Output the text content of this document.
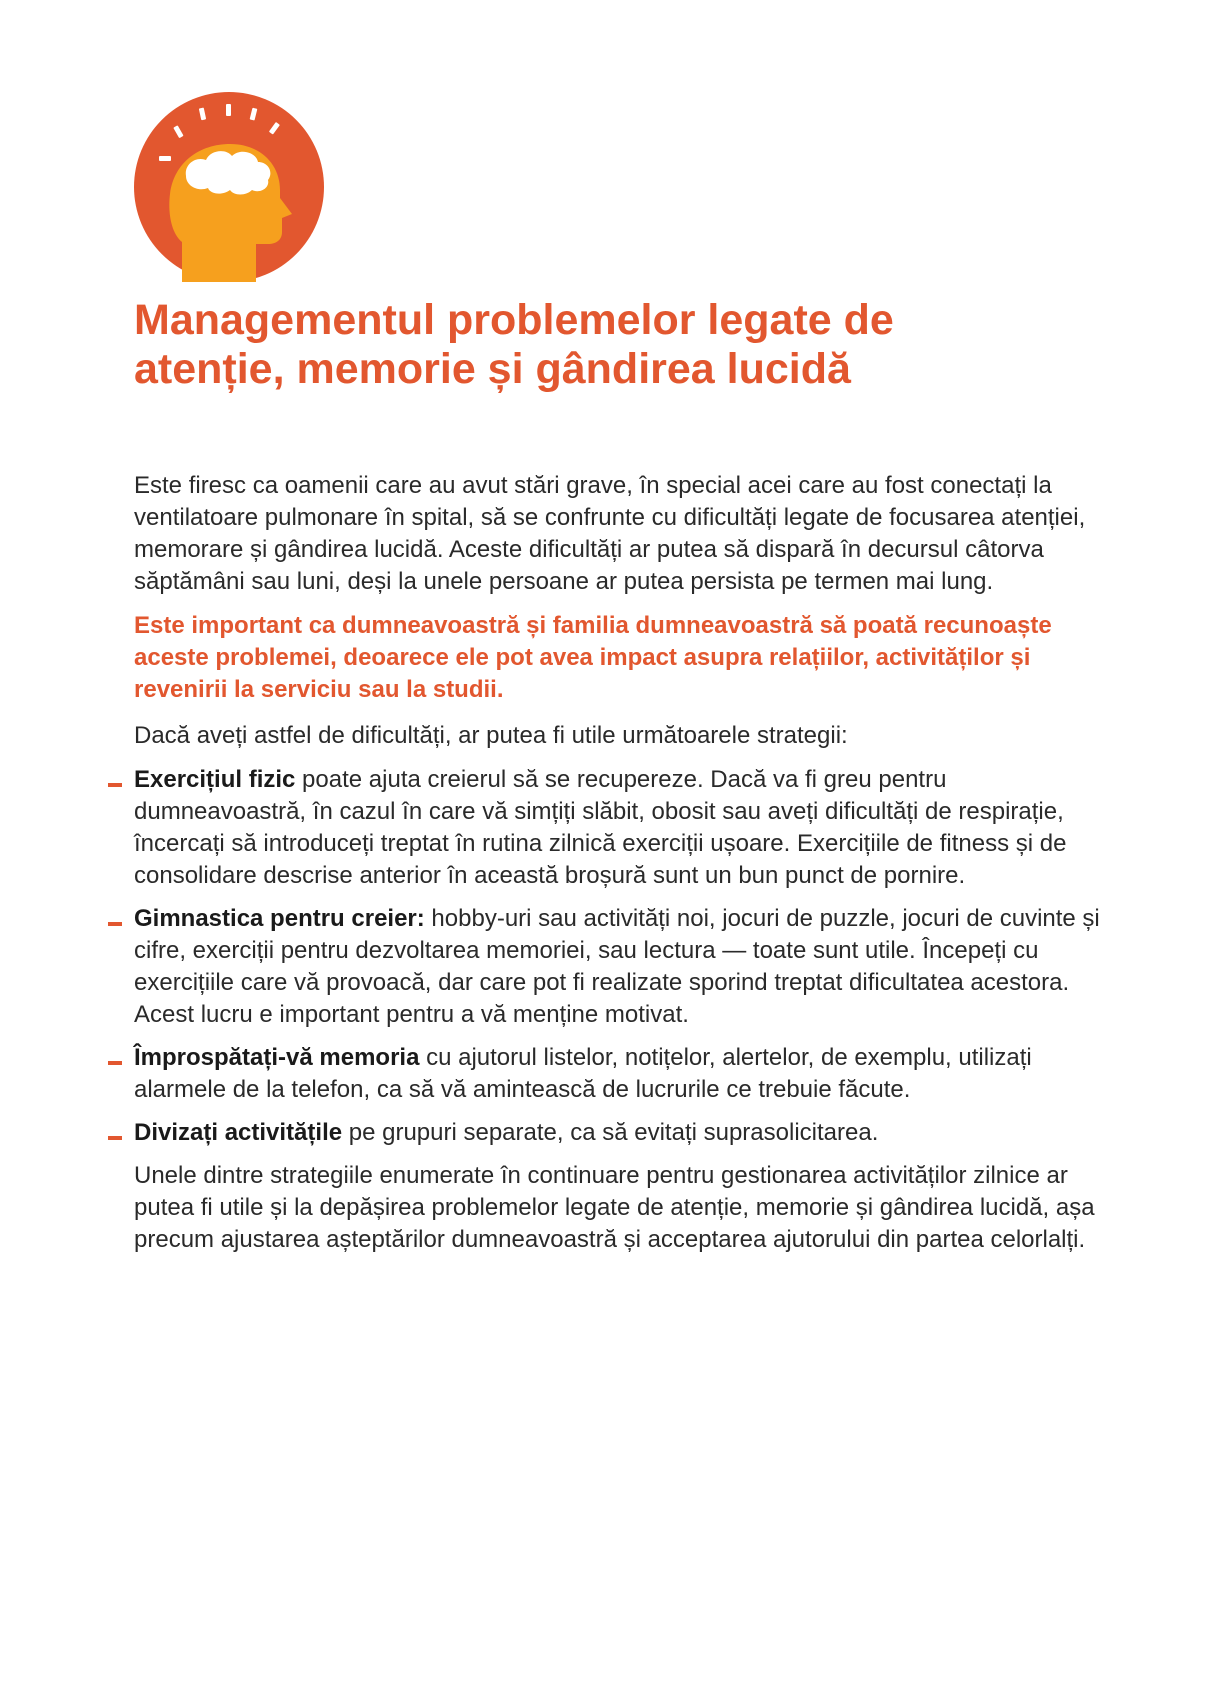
Managementul problemelor legate de
atenție, memorie și gândirea lucidă

Este firesc ca oamenii care au avut stări grave, în special acei care au fost conectați la ventilatoare pulmonare în spital, să se confrunte cu dificultăți legate de focusarea atenției, memorare și gândirea lucidă. Aceste dificultăți ar putea să dispară în decursul câtorva săptămâni sau luni, deși la unele persoane ar putea persista pe termen mai lung.

Este important ca dumneavoastră și familia dumneavoastră să poată recunoaște aceste problemei, deoarece ele pot avea impact asupra relațiilor, activităților și revenirii la serviciu sau la studii.

Dacă aveți astfel de dificultăți, ar putea fi utile următoarele strategii:

Exercițiul fizic poate ajuta creierul să se recupereze. Dacă va fi greu pentru dumneavoastră, în cazul în care vă simțiți slăbit, obosit sau aveți dificultăți de respirație, încercați să introduceți treptat în rutina zilnică exerciții ușoare. Exercițiile de fitness și de consolidare descrise anterior în această broșură sunt un bun punct de pornire.
Gimnastica pentru creier: hobby-uri sau activități noi, jocuri de puzzle, jocuri de cuvinte și cifre, exerciții pentru dezvoltarea memoriei, sau lectura — toate sunt utile. Începeți cu exercițiile care vă provoacă, dar care pot fi realizate sporind treptat dificultatea acestora. Acest lucru e important pentru a vă menține motivat.
Împrospătați-vă memoria cu ajutorul listelor, notițelor, alertelor, de exemplu, utilizați alarmele de la telefon, ca să vă amintească de lucrurile ce trebuie făcute.
Divizați activitățile pe grupuri separate, ca să evitați suprasolicitarea.

Unele dintre strategiile enumerate în continuare pentru gestionarea activităților zilnice ar putea fi utile și la depășirea problemelor legate de atenție, memorie și gândirea lucidă, așa precum ajustarea așteptărilor dumneavoastră și acceptarea ajutorului din partea celorlalți.
